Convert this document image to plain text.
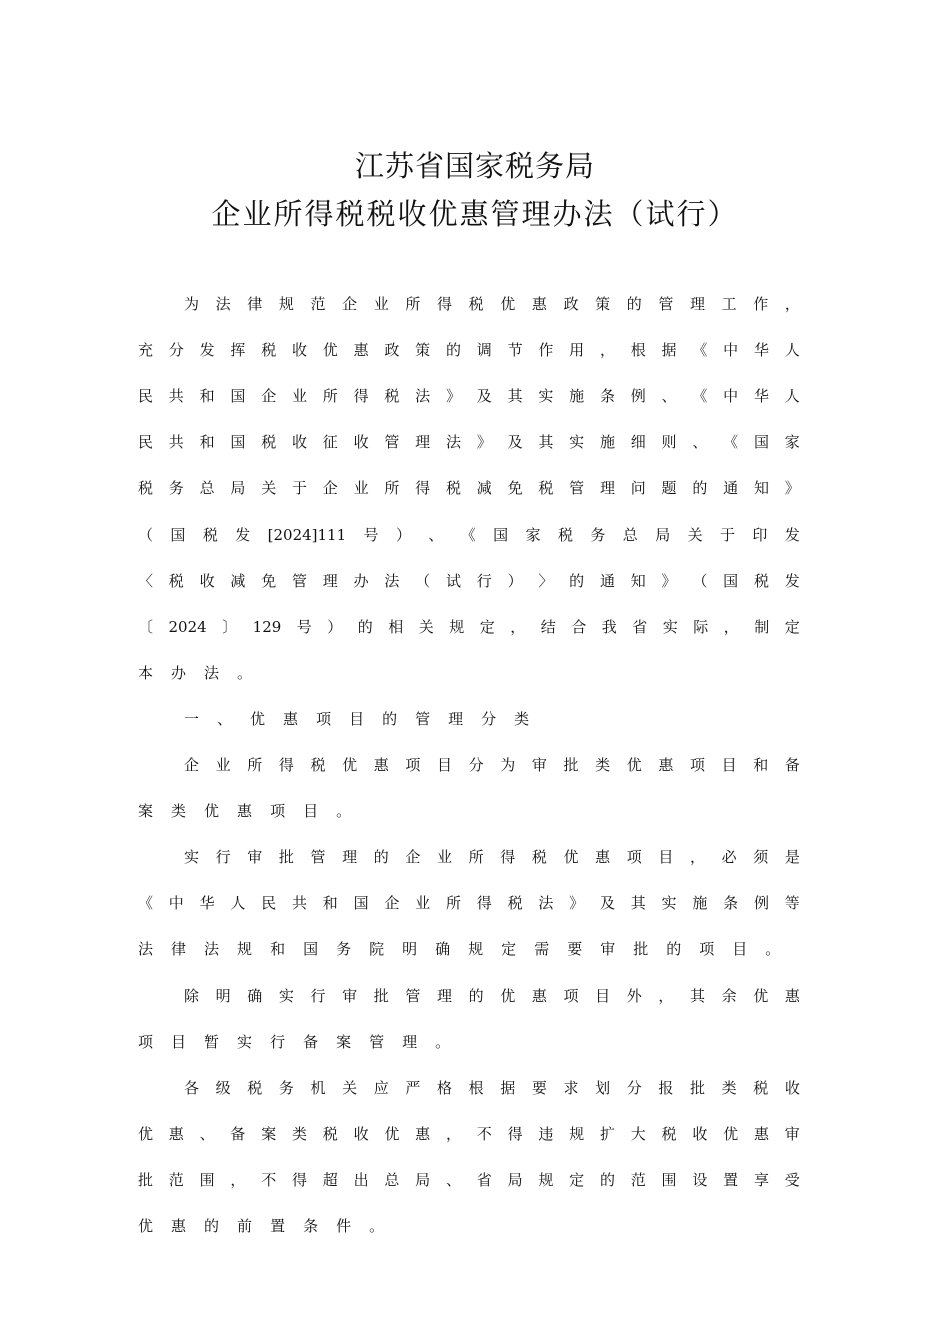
江苏省国家税务局
企业所得税税收优惠管理办法（试行）
为 法 律 规 范 企 业 所 得 税 优 惠 政 策 的 管 理 工 作 ，
充 分 发 挥 税 收 优 惠 政 策 的 调 节 作 用 ， 根 据 《 中 华 人
民 共 和 国 企 业 所 得 税 法 》 及 其 实 施 条 例 、 《 中 华 人
民 共 和 国 税 收 征 收 管 理 法 》 及 其 实 施 细 则 、 《 国 家
税 务 总 局 关 于 企 业 所 得 税 减 免 税 管 理 问 题 的 通 知 》
（ 国 税 发 [2024]111 号 ） 、 《 国 家 税 务 总 局 关 于 印 发
〈 税 收 减 免 管 理 办 法 （ 试 行 ） 〉 的 通 知 》 （ 国 税 发
〔 2024 〕 129 号 ） 的 相 关 规 定 ， 结 合 我 省 实 际 ， 制 定
本 办 法 。
一 、 优 惠 项 目 的 管 理 分 类
企 业 所 得 税 优 惠 项 目 分 为 审 批 类 优 惠 项 目 和 备
案 类 优 惠 项 目 。
实 行 审 批 管 理 的 企 业 所 得 税 优 惠 项 目 ， 必 须 是
《 中 华 人 民 共 和 国 企 业 所 得 税 法 》 及 其 实 施 条 例 等
法 律 法 规 和 国 务 院 明 确 规 定 需 要 审 批 的 项 目 。
除 明 确 实 行 审 批 管 理 的 优 惠 项 目 外 ， 其 余 优 惠
项 目 暂 实 行 备 案 管 理 。
各 级 税 务 机 关 应 严 格 根 据 要 求 划 分 报 批 类 税 收
优 惠 、 备 案 类 税 收 优 惠 ， 不 得 违 规 扩 大 税 收 优 惠 审
批 范 围 ， 不 得 超 出 总 局 、 省 局 规 定 的 范 围 设 置 享 受
优 惠 的 前 置 条 件 。
